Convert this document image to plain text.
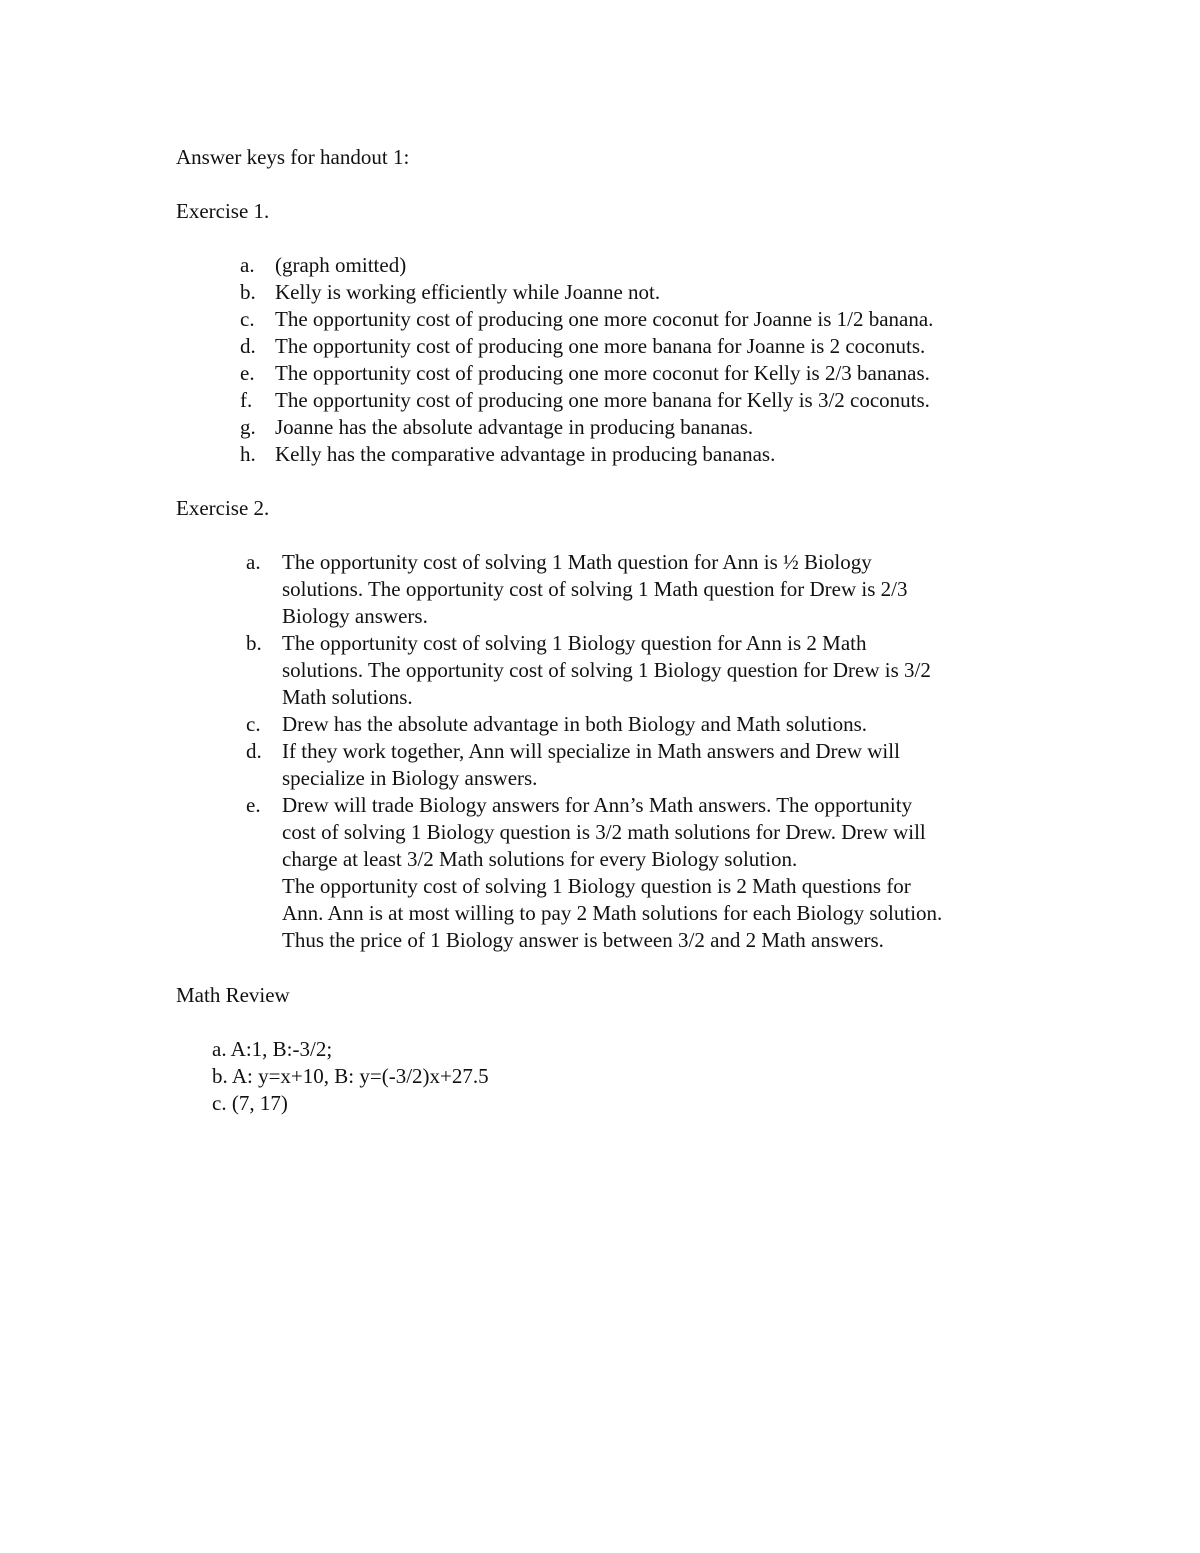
Answer keys for handout 1:
Exercise 1.
a. (graph omitted)
b. Kelly is working efficiently while Joanne not.
c. The opportunity cost of producing one more coconut for Joanne is 1/2 banana.
d. The opportunity cost of producing one more banana for Joanne is 2 coconuts.
e. The opportunity cost of producing one more coconut for Kelly is 2/3 bananas.
f.	The opportunity cost of producing one more banana for Kelly is 3/2 coconuts.
g. Joanne has the absolute advantage in producing bananas.
h. Kelly has the comparative advantage in producing bananas.
Exercise 2.
a.	The opportunity cost of solving 1 Math question for Ann is ½ Biology
solutions. The opportunity cost of solving 1 Math question for Drew is 2/3
Biology answers.
b. The opportunity cost of solving 1 Biology question for Ann is 2 Math
solutions. The opportunity cost of solving 1 Biology question for Drew is 3/2
Math solutions.
c.	Drew has the absolute advantage in both Biology and Math solutions.
d. If they work together, Ann will specialize in Math answers and Drew will
specialize in Biology answers.
e.	Drew will trade Biology answers for Ann’s Math answers. The opportunity
cost of solving 1 Biology question is 3/2 math solutions for Drew. Drew will
charge at least 3/2 Math solutions for every Biology solution.
The opportunity cost of solving 1 Biology question is 2 Math questions for
Ann. Ann is at most willing to pay 2 Math solutions for each Biology solution.
Thus the price of 1 Biology answer is between 3/2 and 2 Math answers.
Math Review
a. A:1, B:-3/2;
b. A: y=x+10, B: y=(-3/2)x+27.5
c. (7, 17)
